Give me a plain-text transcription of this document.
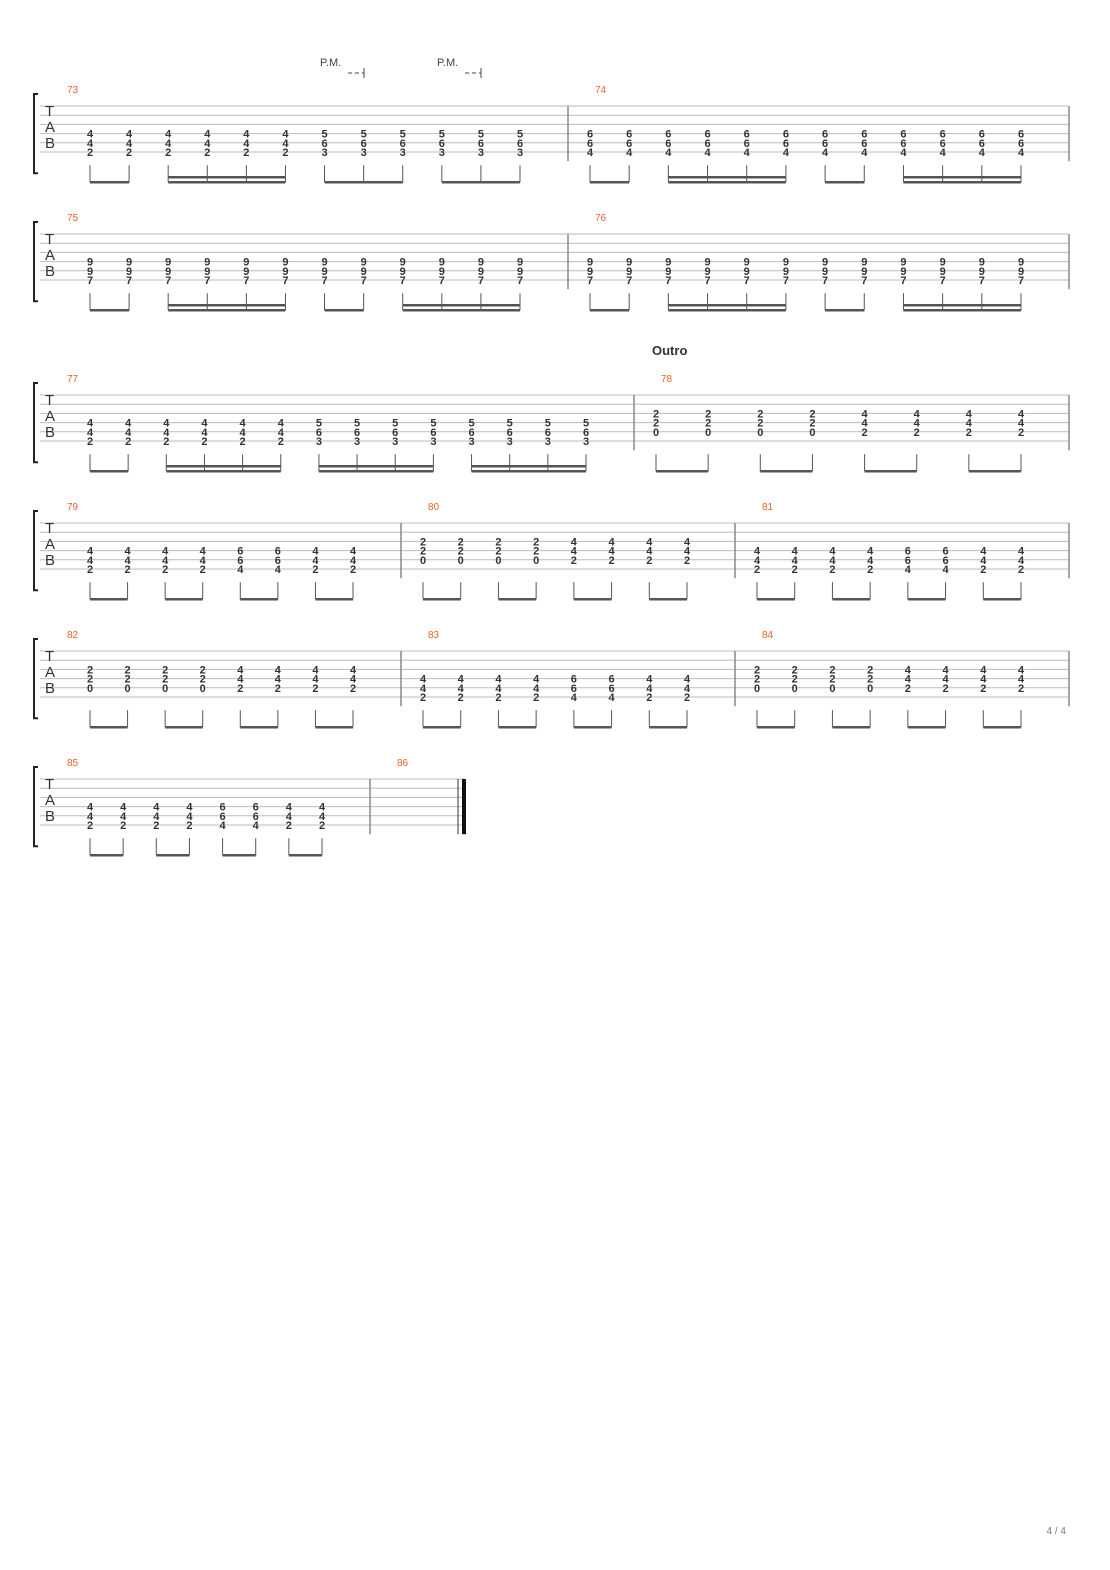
T
A
B
73
4
4
2
4
4
2
4
4
2
4
4
2
4
4
2
4
4
2
5
6
3
5
6
3
5
6
3
5
6
3
5
6
3
5
6
3
74
6
6
4
6
6
4
6
6
4
6
6
4
6
6
4
6
6
4
6
6
4
6
6
4
6
6
4
6
6
4
6
6
4
6
6
4
P.M.	P.M.
T
A
B
75
9
9
7
9
9
7
9
9
7
9
9
7
9
9
7
9
9
7
9
9
7
9
9
7
9
9
7
9
9
7
9
9
7
9
9
7
76
9
9
7
9
9
7
9
9
7
9
9
7
9
9
7
9
9
7
9
9
7
9
9
7
9
9
7
9
9
7
9
9
7
9
9
7
T
A
B
77
4
4
2
4
4
2
4
4
2
4
4
2
4
4
2
4
4
2
5
6
3
5
6
3
5
6
3
5
6
3
5
6
3
5
6
3
5
6
3
5
6
3
78
2
2
0
2
2
0
2
2
0
2
2
0
4
4
2
4
4
2
4
4
2
4
4
2
Outro
T
A
B
79
4
4
2
4
4
2
4
4
2
4
4
2
6
6
4
6
6
4
4
4
2
4
4
2
80
2
2
0
2
2
0
2
2
0
2
2
0
4
4
2
4
4
2
4
4
2
4
4
2
81
4
4
2
4
4
2
4
4
2
4
4
2
6
6
4
6
6
4
4
4
2
4
4
2
T
A
B
82
2
2
0
2
2
0
2
2
0
2
2
0
4
4
2
4
4
2
4
4
2
4
4
2
83
4
4
2
4
4
2
4
4
2
4
4
2
6
6
4
6
6
4
4
4
2
4
4
2
84
2
2
0
2
2
0
2
2
0
2
2
0
4
4
2
4
4
2
4
4
2
4
4
2
T
A
B
85
4
4
2
4
4
2
4
4
2
4
4
2
6
6
4
6
6
4
4
4
2
4
4
2
86
4 / 4
